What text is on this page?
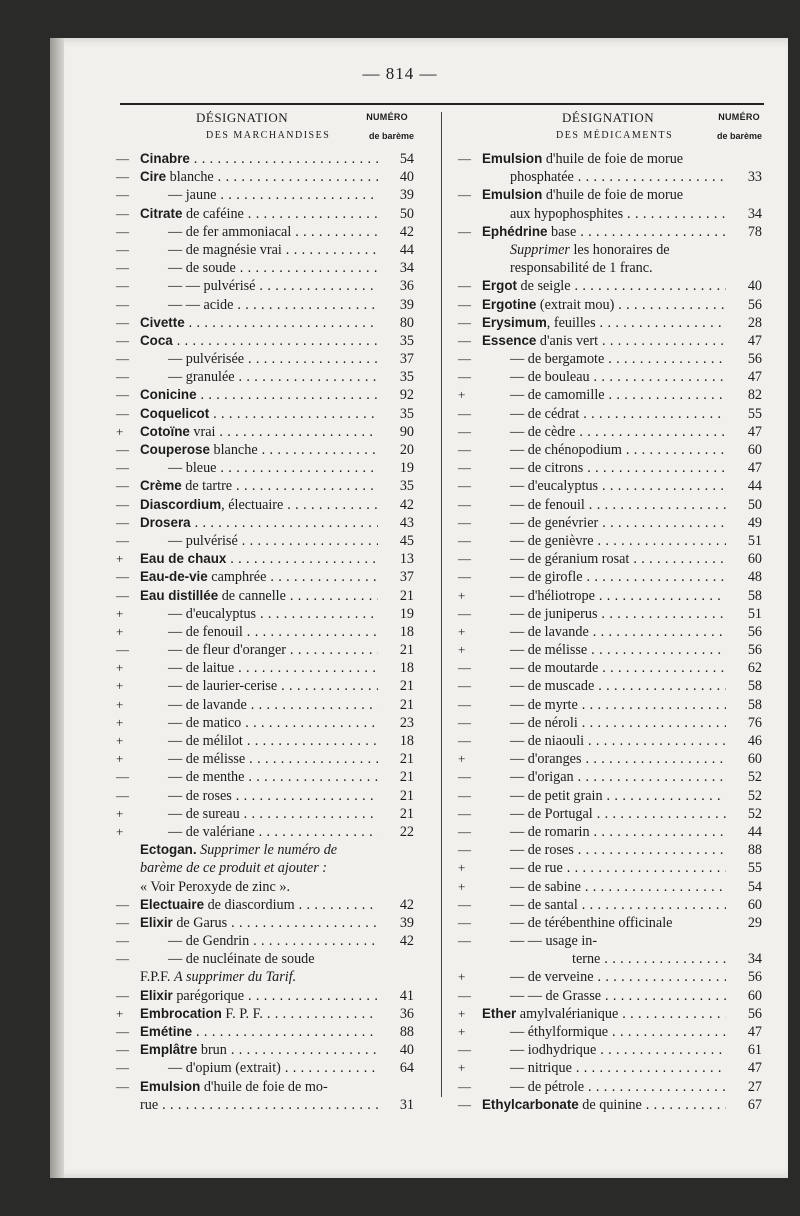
— 814 —
DÉSIGNATION
DES MARCHANDISES
NUMÉRO
de barème
— Cinabre . . .	54
— Cire blanche . . .	40
—	— jaune . . .	39
— Citrate de caféine . . .	50
—	— de fer ammoniacal . . .	42
—	— de magnésie vrai . . .	44
—	— de soude . . .	34
—	— — pulvérisé . . .	36
—	— — acide . . .	39
— Civette . . .	80
— Coca . . .	35
—	— pulvérisée . . .	37
—	— granulée . . .	35
— Conicine . . .	92
— Coquelicot . . .	35
+	Cotoïne vrai . . .	90
— Couperose blanche . . .	20
—	— bleue . . .	19
— Crème de tartre . . .	35
— Diascordium, électuaire . . .	42
— Drosera . . .	43
—	— pulvérisé . . .	45
+	Eau de chaux . . .	13
— Eau-de-vie camphrée . . .	37
— Eau distillée de cannelle . . .	21
+	— d'eucalyptus . . .	19
+	— de fenouil . . .	18
—	— de fleur d'oranger . . .	21
+	— de laitue . . .	18
+	— de laurier-cerise . . .	21
+	— de lavande . . .	21
+	— de matico . . .	23
+	— de mélilot . . .	18
+	— de mélisse . . .	21
—	— de menthe . . .	21
—	— de roses . . .	21
+	— de sureau . . .	21
+	— de valériane . . .	22
Ectogan. Supprimer le numéro de
barème de ce produit et ajouter :
« Voir Peroxyde de zinc ».
— Electuaire de diascordium . . .	42
— Elixir de Garus . . .	39
—	— de Gendrin . . .	42
—	— de nucléinate de soude
F.P.F. A supprimer du Tarif.
— Elixir parégorique . . .	41
+	Embrocation F. P. F. . . .	36
— Emétine . . .	88
— Emplâtre brun . . .	40
—	— d'opium (extrait) . . .	64
— Emulsion d'huile de foie de mo-
rue . . .	31
DÉSIGNATION
DES MÉDICAMENTS
NUMÉRO
de barème
— Emulsion d'huile de foie de morue
phosphatée . . .	33
— Emulsion d'huile de foie de morue
aux hypophosphites . . .	34
— Ephédrine base . . .	78
Supprimer les honoraires de
responsabilité de 1 franc.
— Ergot de seigle . . .	40
— Ergotine (extrait mou) . . .	56
— Erysimum, feuilles . . .	28
— Essence d'anis vert . . .	47
—	— de bergamote . . .	56
—	— de bouleau . . .	47
+	— de camomille . . .	82
—	— de cédrat . . .	55
—	— de cèdre . . .	47
—	— de chénopodium . . .	60
—	— de citrons . . .	47
—	— d'eucalyptus . . .	44
—	— de fenouil . . .	50
—	— de genévrier . . .	49
—	— de genièvre . . .	51
—	— de géranium rosat . . .	60
—	— de girofle . . .	48
+	— d'héliotrope . . .	58
—	— de juniperus . . .	51
+	— de lavande . . .	56
+	— de mélisse . . .	56
—	— de moutarde . . .	62
—	— de muscade . . .	58
—	— de myrte . . .	58
—	— de néroli . . .	76
—	— de niaouli . . .	46
+	— d'oranges . . .	60
—	— d'origan . . .	52
—	— de petit grain . . .	52
—	— de Portugal . . .	52
—	— de romarin . . .	44
—	— de roses . . .	88
+	— de rue . . .	55
+	— de sabine . . .	54
—	— de santal . . .	60
—	— de térébenthine officinale	29
—	— — usage in-
terne . . .	34
+	— de verveine . . .	56
—	— — de Grasse . . .	60
+	Ether amylvalérianique . . .	56
+	— éthylformique . . .	47
—	— iodhydrique . . .	61
+	— nitrique . . .	47
—	— de pétrole . . .	27
— Ethylcarbonate de quinine . . .	67
